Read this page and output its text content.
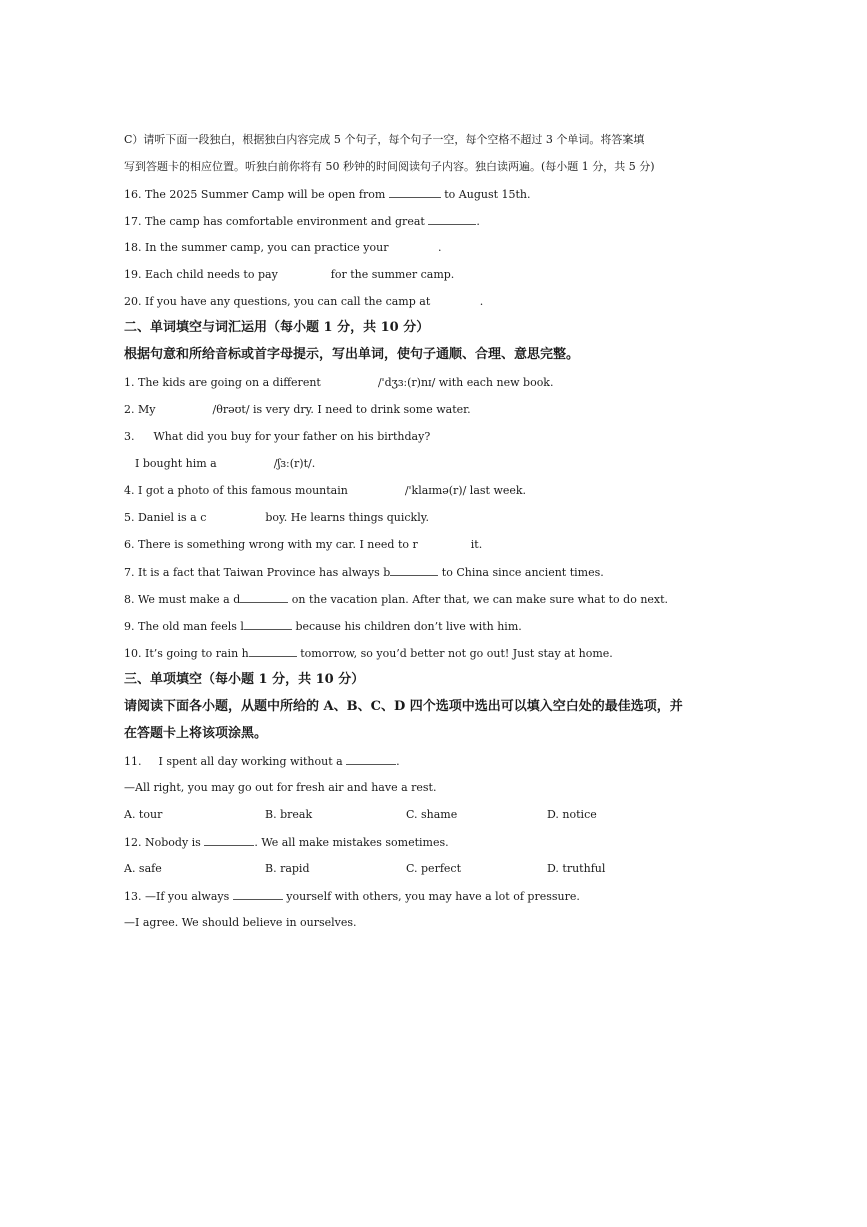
C）请听下面一段独白，根据独白内容完成 5 个句子，每个句子一空，每个空格不超过 3 个单词。将答案填
写到答题卡的相应位置。听独白前你将有 50 秒钟的时间阅读句子内容。独白读两遍。(每小题 1 分，共 5 分)
16. The 2025 Summer Camp will be open from	to August 15th.
17. The camp has comfortable environment and great	.
18. In the summer camp, you can practice your	.
19. Each child needs to pay	for the summer camp.
20. If you have any questions, you can call the camp at	.
二、单词填空与词汇运用（每小题 1 分，共 10 分）
根据句意和所给音标或首字母提示，写出单词，使句子通顺、合理、意思完整。
1. The kids are going on a different	/'dʒɜː(r)nɪ/ with each new book.
2. My	/θrəʊt/ is very dry. I need to drink some water.
3. What did you buy for your father on his birthday?
I bought him a	/ʃɜː(r)t/.
4. I got a photo of this famous mountain	/'klaɪmə(r)/ last week.
5. Daniel is a c	boy. He learns things quickly.
6. There is something wrong with my car. I need to r	it.
7. It is a fact that Taiwan Province has always b	to China since ancient times.
8. We must make a d	on the vacation plan. After that, we can make sure what to do next.
9. The old man feels l	because his children don’t live with him.
10. It’s going to rain h	tomorrow, so you’d better not go out! Just stay at home.
三、单项填空（每小题 1 分，共 10 分）
请阅读下面各小题，从题中所给的 A、B、C、D 四个选项中选出可以填入空白处的最佳选项，并
在答题卡上将该项涂黑。
11. I spent all day working without a	.
—All right, you may go out for fresh air and have a rest.
A. tour	B. break	C. shame	D. notice
12. Nobody is	. We all make mistakes sometimes.
A. safe	B. rapid	C. perfect	D. truthful
13. —If you always	yourself with others, you may have a lot of pressure.
—I agree. We should believe in ourselves.
